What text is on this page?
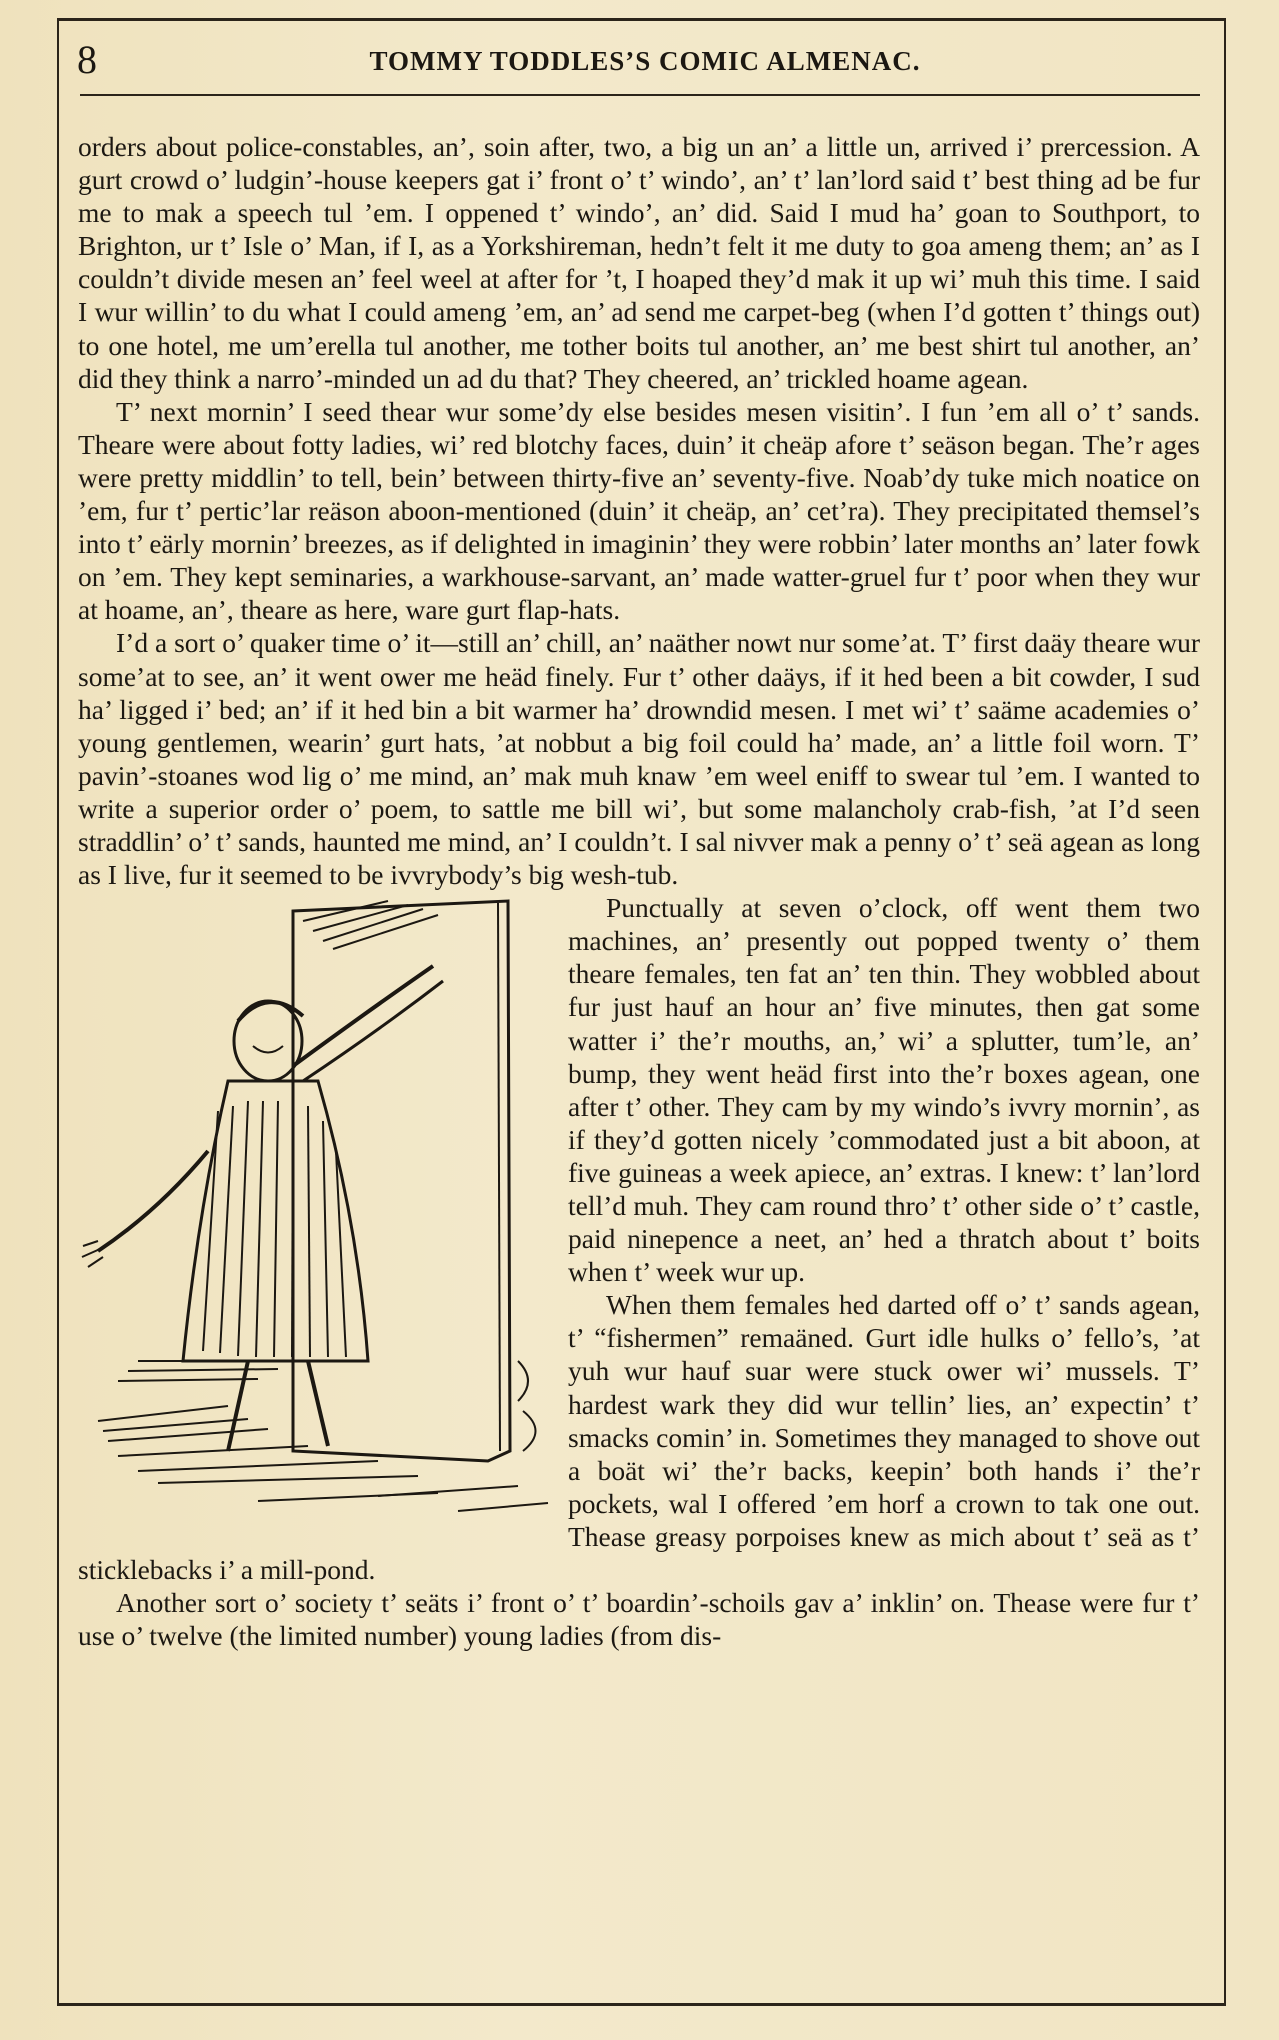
8	TOMMY TODDLES’S COMIC ALMENAC.

orders about police-constables, an’, soin after, two, a big un an’ a little un, arrived i’ prercession. A gurt crowd o’ ludgin’-house keepers gat i’ front o’ t’ windo’, an’ t’ lan’lord said t’ best thing ad be fur me to mak a speech tul ’em. I oppened t’ windo’, an’ did. Said I mud ha’ goan to Southport, to Brighton, ur t’ Isle o’ Man, if I, as a Yorkshireman, hedn’t felt it me duty to goa ameng them; an’ as I couldn’t divide mesen an’ feel weel at after for ’t, I hoaped they’d mak it up wi’ muh this time. I said I wur willin’ to du what I could ameng ’em, an’ ad send me carpet-beg (when I’d gotten t’ things out) to one hotel, me um’erella tul another, me tother boits tul another, an’ me best shirt tul another, an’ did they think a narro’-minded un ad du that? They cheered, an’ trickled hoame agean.

T’ next mornin’ I seed thear wur some’dy else besides mesen visitin’. I fun ’em all o’ t’ sands. Theare were about fotty ladies, wi’ red blotchy faces, duin’ it cheäp afore t’ seäson began. The’r ages were pretty middlin’ to tell, bein’ between thirty-five an’ seventy-five. Noab’dy tuke mich noatice on ’em, fur t’ pertic’lar reäson aboon-mentioned (duin’ it cheäp, an’ cet’ra). They precipitated themsel’s into t’ eärly mornin’ breezes, as if delighted in imaginin’ they were robbin’ later months an’ later fowk on ’em. They kept seminaries, a warkhouse-sarvant, an’ made watter-gruel fur t’ poor when they wur at hoame, an’, theare as here, ware gurt flap-hats.

I’d a sort o’ quaker time o’ it—still an’ chill, an’ naäther nowt nur some’at. T’ first daäy theare wur some’at to see, an’ it went ower me heäd finely. Fur t’ other daäys, if it hed been a bit cowder, I sud ha’ ligged i’ bed; an’ if it hed bin a bit warmer ha’ drowndid mesen. I met wi’ t’ saäme academies o’ young gentlemen, wearin’ gurt hats, ’at nobbut a big foil could ha’ made, an’ a little foil worn. T’ pavin’-stoanes wod lig o’ me mind, an’ mak muh knaw ’em weel eniff to swear tul ’em. I wanted to write a superior order o’ poem, to sattle me bill wi’, but some malancholy crab-fish, ’at I’d seen straddlin’ o’ t’ sands, haunted me mind, an’ I couldn’t. I sal nivver mak a penny o’ t’ seä agean as long as I live, fur it seemed to be ivvrybody’s big wesh-tub.

Punctually at seven o’clock, off went them two machines, an’ presently out popped twenty o’ them theare females, ten fat an’ ten thin. They wobbled about fur just hauf an hour an’ five minutes, then gat some watter i’ the’r mouths, an,’ wi’ a splutter, tum’le, an’ bump, they went heäd first into the’r boxes agean, one after t’ other. They cam by my windo’s ivvry mornin’, as if they’d gotten nicely ’commodated just a bit aboon, at five guineas a week apiece, an’ extras. I knew: t’ lan’lord tell’d muh. They cam round thro’ t’ other side o’ t’ castle, paid ninepence a neet, an’ hed a thratch about t’ boits when t’ week wur up.

When them females hed darted off o’ t’ sands agean, t’ “fishermen” remaäned. Gurt idle hulks o’ fello’s, ’at yuh wur hauf suar were stuck ower wi’ mussels. T’ hardest wark they did wur tellin’ lies, an’ expectin’ t’ smacks comin’ in. Sometimes they managed to shove out a boät wi’ the’r backs, keepin’ both hands i’ the’r pockets, wal I offered ’em horf a crown to tak one out. Thease greasy porpoises knew as mich about t’ seä as t’ sticklebacks i’ a mill-pond.

Another sort o’ society t’ seäts i’ front o’ t’ boardin’-schoils gav a’ inklin’ on. Thease were fur t’ use o’ twelve (the limited number) young ladies (from dis-
